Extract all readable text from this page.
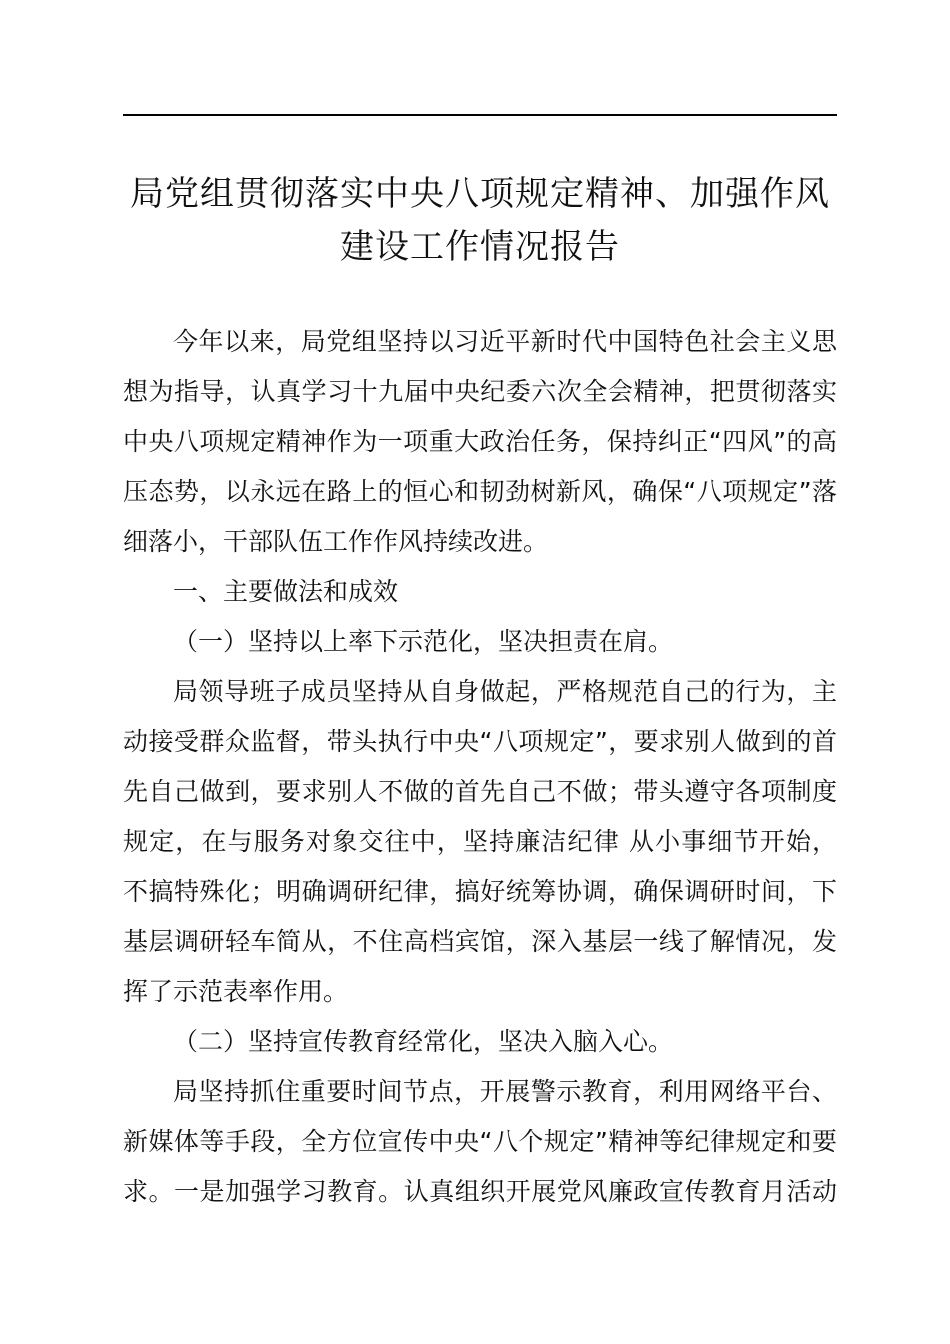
局党组贯彻落实中央八项规定精神、加强作风
建设工作情况报告

今年以来，局党组坚持以习近平新时代中国特色社会主义思

想为指导，认真学习十九届中央纪委六次全会精神，把贯彻落实

中央八项规定精神作为一项重大政治任务，保持纠正“四风”的高

压态势，以永远在路上的恒心和韧劲树新风，确保“八项规定”落

细落小，干部队伍工作作风持续改进。

一、主要做法和成效

（一）坚持以上率下示范化，坚决担责在肩。

局领导班子成员坚持从自身做起，严格规范自己的行为，主

动接受群众监督，带头执行中央“八项规定”，要求别人做到的首

先自己做到，要求别人不做的首先自己不做；带头遵守各项制度

规定，在与服务对象交往中，坚持廉洁纪律 从小事细节开始，

不搞特殊化；明确调研纪律，搞好统筹协调，确保调研时间，下

基层调研轻车简从，不住高档宾馆，深入基层一线了解情况，发

挥了示范表率作用。

（二）坚持宣传教育经常化，坚决入脑入心。

局坚持抓住重要时间节点，开展警示教育，利用网络平台、

新媒体等手段，全方位宣传中央“八个规定”精神等纪律规定和要

求。一是加强学习教育。认真组织开展党风廉政宣传教育月活动
